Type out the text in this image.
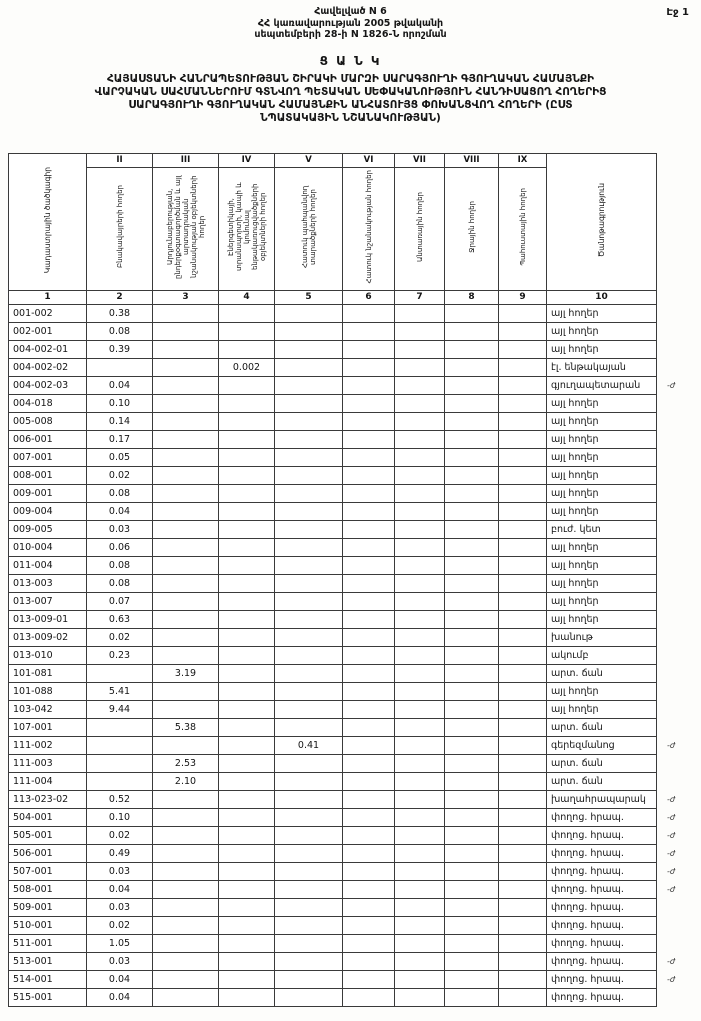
Էջ 1
Հավելված N 6
ՀՀ կառավարության 2005 թվականի
սեպտեմբերի 28-ի N 1826-Ն որոշման
Ց Ա Ն Կ
ՀԱՅԱՍՏԱՆԻ ՀԱՆՐԱՊԵՏՈՒԹՅԱՆ ՇԻՐԱԿԻ ՄԱՐԶԻ ՍԱՐԱԳՅՈՒՂԻ ԳՅՈՒՂԱԿԱՆ ՀԱՄԱՅՆՔԻ
ՎԱՐՉԱԿԱՆ ՍԱՀՄԱՆՆԵՐՈՒՄ ԳՏՆՎՈՂ ՊԵՏԱԿԱՆ ՍԵՓԱԿԱՆՈՒԹՅՈՒՆ ՀԱՆԴԻՍԱՑՈՂ ՀՈՂԵՐԻՑ
ՍԱՐԱԳՅՈՒՂԻ ԳՅՈՒՂԱԿԱՆ ՀԱՄԱՅՆՔԻՆ ԱՆՀԱՏՈՒՅՑ ՓՈԽԱՆՑՎՈՂ ՀՈՂԵՐԻ (ԸՍՏ
ՆՊԱՏԱԿԱՅԻՆ ՆՇԱՆԱԿՈՒԹՅԱՆ)
Կադաստրային ծածկագիր	II	III	IV	V	VI	VII	VIII	IX	Ծանոթագրություն	
	Բնակավայրերի հողեր	Արդյունաբերության, ընդերքօգտագործման և այլ արտադրական նշանակության օբյեկտների հողեր	Էներգետիկայի, տրանսպորտի, կապի և կոմունալ ենթակառուցվածքների օբյեկտների հողեր	Հատուկ պահպանվող տարածքների հողեր	Հատուկ նշանակության հողեր	Անտառային հողեր	Ջրային հողեր	Պահուստային հողեր		
1	2	3	4	5	6	7	8	9	10	
001-002	0.38								այլ հողեր	
002-001	0.08								այլ հողեր	
004-002-01	0.39								այլ հողեր	
004-002-02			0.002						էլ. ենթակայան	
004-002-03	0.04								գյուղապետարան	-ժ
004-018	0.10								այլ հողեր	
005-008	0.14								այլ հողեր	
006-001	0.17								այլ հողեր	
007-001	0.05								այլ հողեր	
008-001	0.02								այլ հողեր	
009-001	0.08								այլ հողեր	
009-004	0.04								այլ հողեր	
009-005	0.03								բուժ. կետ	
010-004	0.06								այլ հողեր	
011-004	0.08								այլ հողեր	
013-003	0.08								այլ հողեր	
013-007	0.07								այլ հողեր	
013-009-01	0.63								այլ հողեր	
013-009-02	0.02								խանութ	
013-010	0.23								ակումբ	
101-081		3.19							արտ. ճան	
101-088	5.41								այլ հողեր	
103-042	9.44								այլ հողեր	
107-001		5.38							արտ. ճան	
111-002				0.41					գերեզմանոց	-ժ
111-003		2.53							արտ. ճան	
111-004		2.10							արտ. ճան	
113-023-02	0.52								խաղահրապարակ	-ժ
504-001	0.10								փողոց. հրապ.	-ժ
505-001	0.02								փողոց. հրապ.	-ժ
506-001	0.49								փողոց. հրապ.	-ժ
507-001	0.03								փողոց. հրապ.	-ժ
508-001	0.04								փողոց. հրապ.	-ժ
509-001	0.03								փողոց. հրապ.	
510-001	0.02								փողոց. հրապ.	
511-001	1.05								փողոց. հրապ.	
513-001	0.03								փողոց. հրապ.	-ժ
514-001	0.04								փողոց. հրապ.	-ժ
515-001	0.04								փողոց. հրապ.	
